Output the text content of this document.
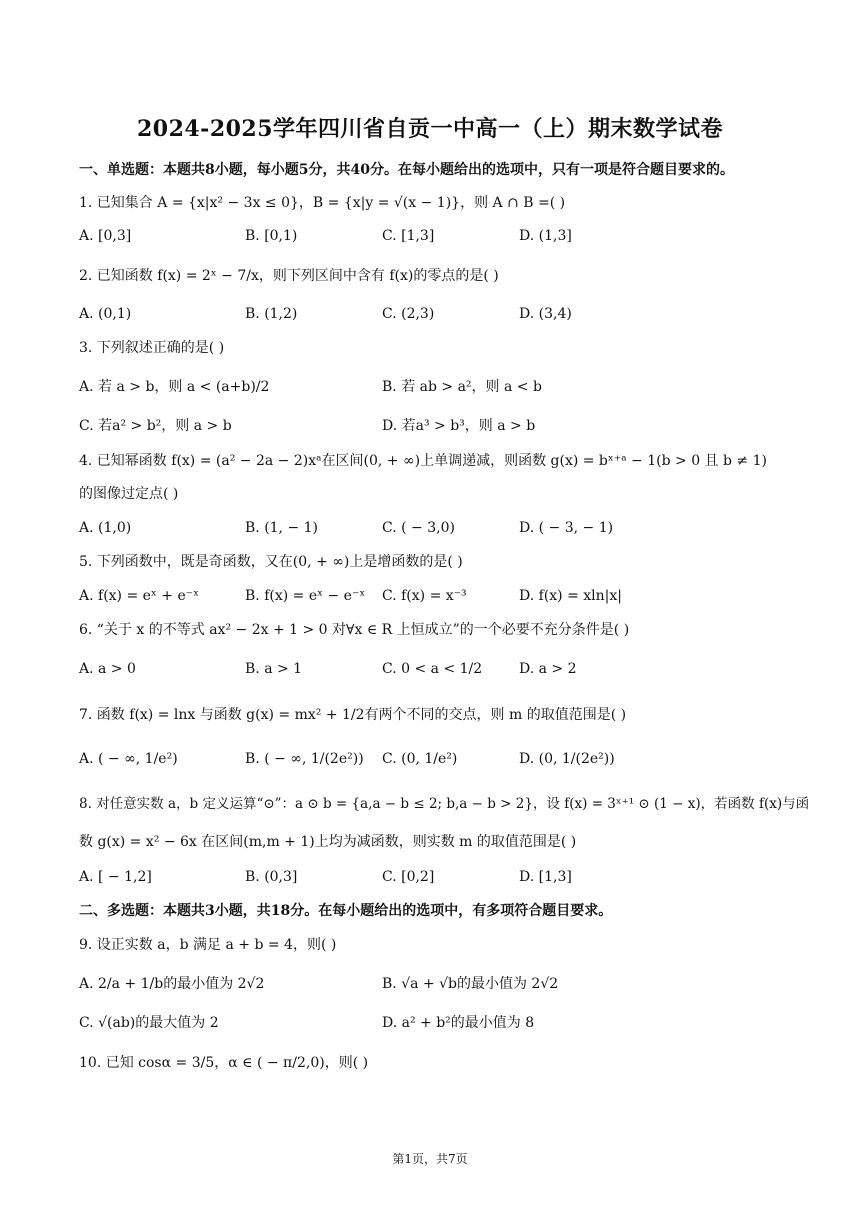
2024-2025学年四川省自贡一中高一（上）期末数学试卷
一、单选题：本题共8小题，每小题5分，共40分。在每小题给出的选项中，只有一项是符合题目要求的。
1. 已知集合 A = {x|x² − 3x ≤ 0}，B = {x|y = √(x − 1)}，则 A ∩ B =( )
A. [0,3]	B. [0,1)	C. [1,3]	D. (1,3]
2. 已知函数 f(x) = 2ˣ − 7/x，则下列区间中含有 f(x)的零点的是( )
A. (0,1)	B. (1,2)	C. (2,3)	D. (3,4)
3. 下列叙述正确的是( )
A. 若 a > b，则 a < (a+b)/2	B. 若 ab > a²，则 a < b
C. 若a² > b²，则 a > b	D. 若a³ > b³，则 a > b
4. 已知幂函数 f(x) = (a² − 2a − 2)xᵃ在区间(0, + ∞)上单调递减，则函数 g(x) = bˣ⁺ᵃ − 1(b > 0 且 b ≠ 1)
的图像过定点( )
A. (1,0)	B. (1, − 1)	C. ( − 3,0)	D. ( − 3, − 1)
5. 下列函数中，既是奇函数，又在(0, + ∞)上是增函数的是( )
A. f(x) = eˣ + e⁻ˣ	B. f(x) = eˣ − e⁻ˣ C. f(x) = x⁻³	D. f(x) = xln|x|
6. “关于 x 的不等式 ax² − 2x + 1 > 0 对∀x ∈ R 上恒成立”的一个必要不充分条件是( )
A. a > 0	B. a > 1	C. 0 < a < 1/2	D. a > 2
7. 函数 f(x) = lnx 与函数 g(x) = mx² + 1/2有两个不同的交点，则 m 的取值范围是( )
A. ( − ∞, 1/e²)	B. ( − ∞, 1/(2e²)) C. (0, 1/e²)	D. (0, 1/(2e²))
8. 对任意实数 a，b 定义运算“⊙”：a ⊙ b = {a,a − b ≤ 2; b,a − b > 2}，设 f(x) = 3ˣ⁺¹ ⊙ (1 − x)，若函数 f(x)与函
数 g(x) = x² − 6x 在区间(m,m + 1)上均为减函数，则实数 m 的取值范围是( )
A. [ − 1,2]	B. (0,3]	C. [0,2]	D. [1,3]
二、多选题：本题共3小题，共18分。在每小题给出的选项中，有多项符合题目要求。
9. 设正实数 a，b 满足 a + b = 4，则( )
A. 2/a + 1/b的最小值为 2√2	B. √a + √b的最小值为 2√2
C. √(ab)的最大值为 2	D. a² + b²的最小值为 8
10. 已知 cosα = 3/5，α ∈ ( − π/2,0)，则( )
第1页，共7页
